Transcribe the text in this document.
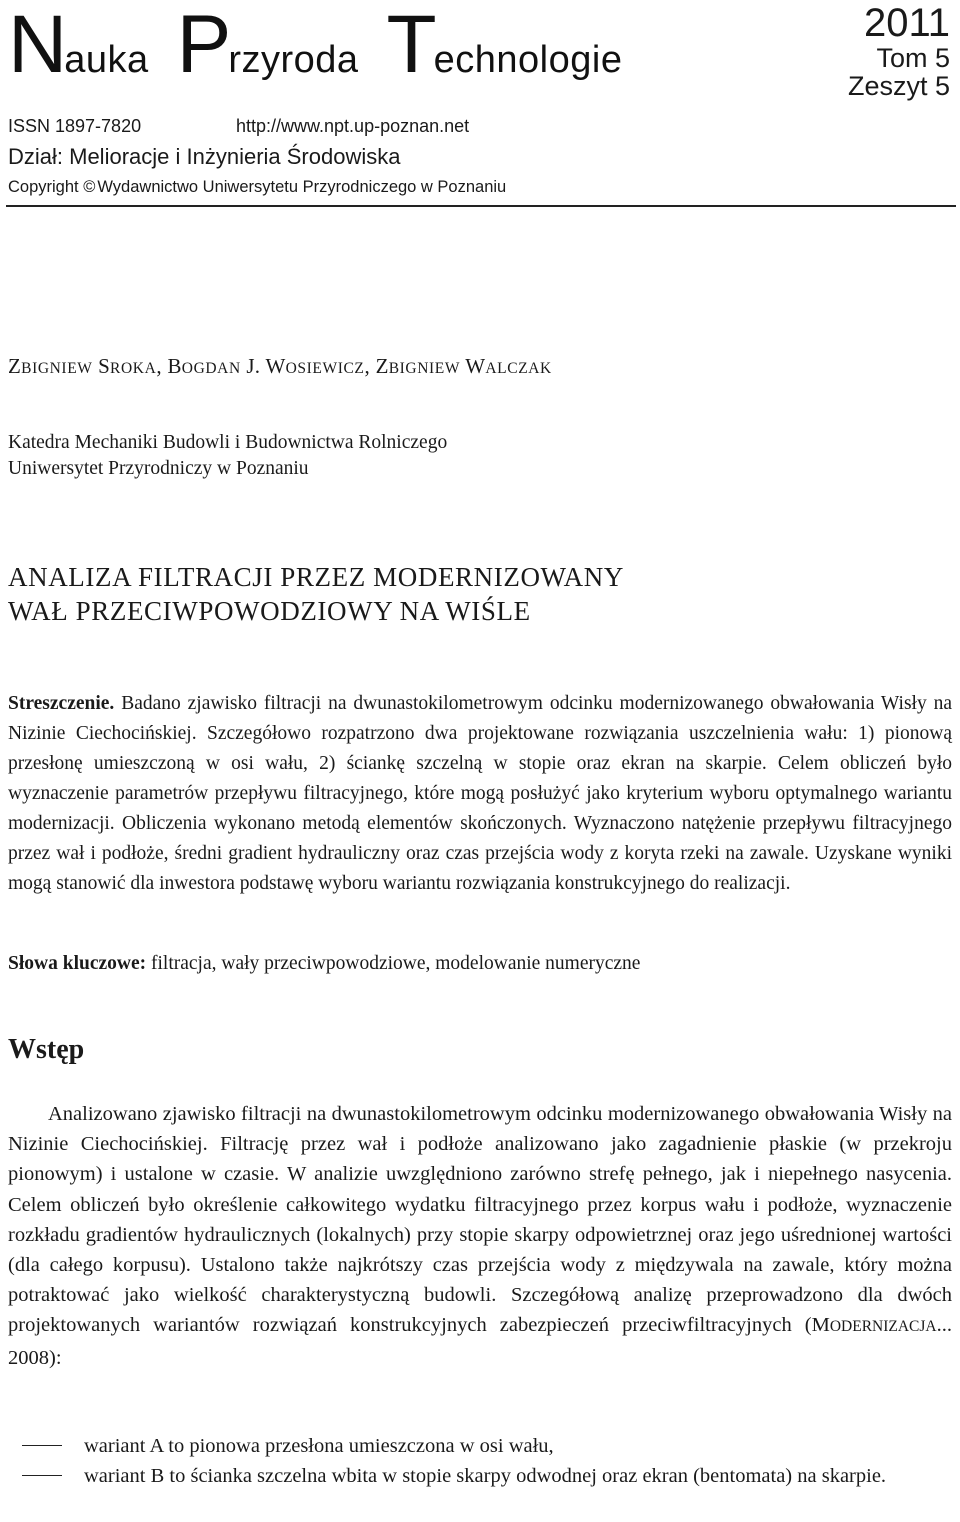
Nauka Przyroda Technologie
2011
Tom 5
Zeszyt 5
ISSN 1897-7820	http://www.npt.up-poznan.net
Dział: Melioracje i Inżynieria Środowiska
Copyright © Wydawnictwo Uniwersytetu Przyrodniczego w Poznaniu
ZBIGNIEW SROKA, BOGDAN J. WOSIEWICZ, ZBIGNIEW WALCZAK
Katedra Mechaniki Budowli i Budownictwa Rolniczego
Uniwersytet Przyrodniczy w Poznaniu
ANALIZA FILTRACJI PRZEZ MODERNIZOWANY
WAŁ PRZECIWPOWODZIOWY NA WIŚLE

Streszczenie. Badano zjawisko filtracji na dwunastokilometrowym odcinku modernizowanego obwałowania Wisły na Nizinie Ciechocińskiej. Szczegółowo rozpatrzono dwa projektowane rozwiązania uszczelnienia wału: 1) pionową przesłonę umieszczoną w osi wału, 2) ściankę szczelną w stopie oraz ekran na skarpie. Celem obliczeń było wyznaczenie parametrów przepływu filtracyjnego, które mogą posłużyć jako kryterium wyboru optymalnego wariantu modernizacji. Obliczenia wykonano metodą elementów skończonych. Wyznaczono natężenie przepływu filtracyjnego przez wał i podłoże, średni gradient hydrauliczny oraz czas przejścia wody z koryta rzeki na zawale. Uzyskane wyniki mogą stanowić dla inwestora podstawę wyboru wariantu rozwiązania konstrukcyjnego do realizacji.

Słowa kluczowe: filtracja, wały przeciwpowodziowe, modelowanie numeryczne
Wstęp

Analizowano zjawisko filtracji na dwunastokilometrowym odcinku modernizowanego obwałowania Wisły na Nizinie Ciechocińskiej. Filtrację przez wał i podłoże analizowano jako zagadnienie płaskie (w przekroju pionowym) i ustalone w czasie. W analizie uwzględniono zarówno strefę pełnego, jak i niepełnego nasycenia. Celem obliczeń było określenie całkowitego wydatku filtracyjnego przez korpus wału i podłoże, wyznaczenie rozkładu gradientów hydraulicznych (lokalnych) przy stopie skarpy odpowietrznej oraz jego uśrednionej wartości (dla całego korpusu). Ustalono także najkrótszy czas przejścia wody z międzywala na zawale, który można potraktować jako wielkość charakterystyczną budowli. Szczegółową analizę przeprowadzono dla dwóch projektowanych wariantów rozwiązań konstrukcyjnych zabezpieczeń przeciwfiltracyjnych (MODERNIZACJA... 2008):

wariant A to pionowa przesłona umieszczona w osi wału,
wariant B to ścianka szczelna wbita w stopie skarpy odwodnej oraz ekran (bentomata) na skarpie.
